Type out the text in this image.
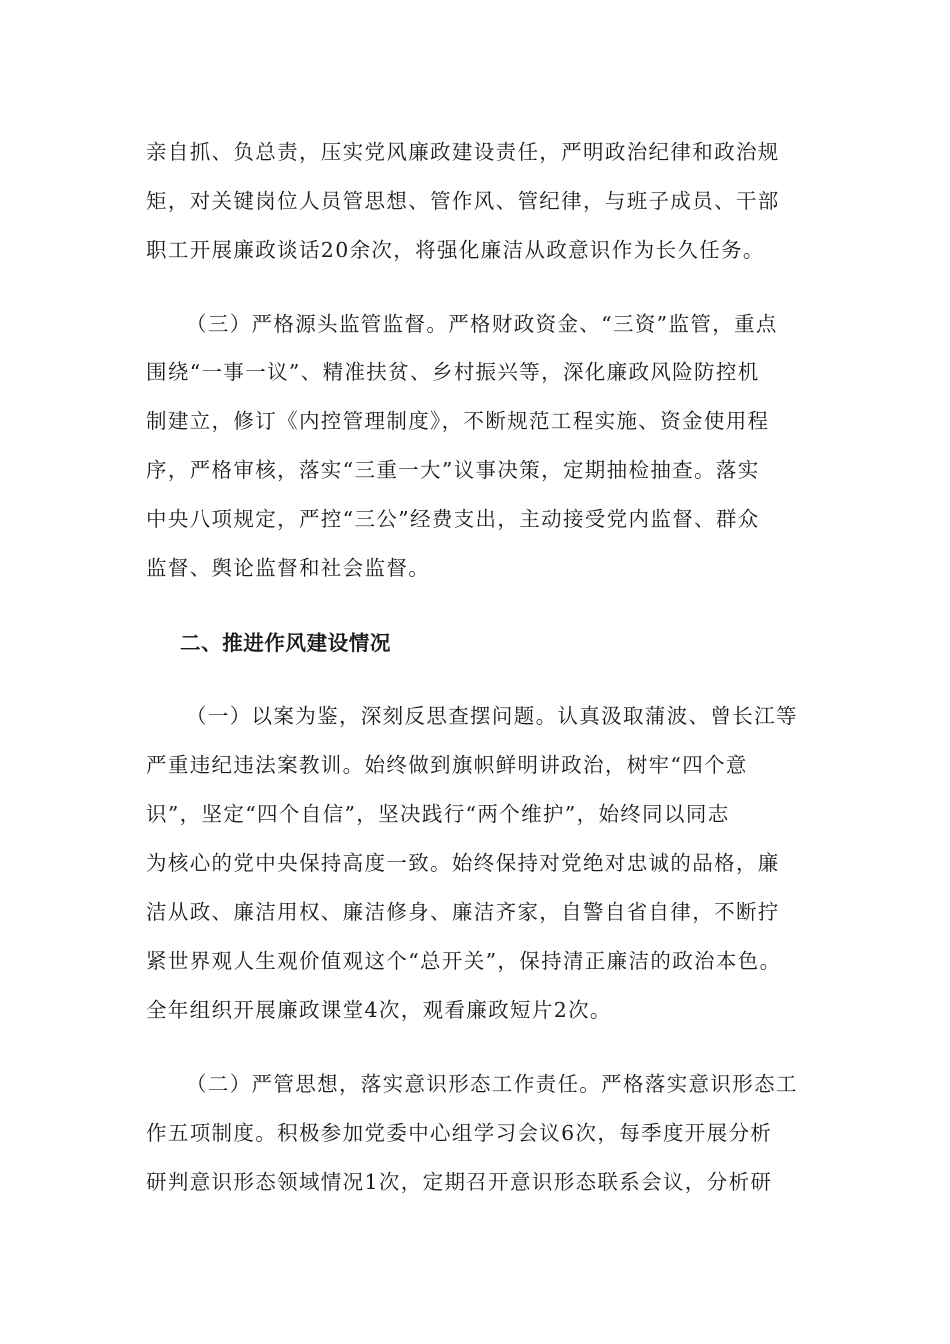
亲自抓、负总责，压实党风廉政建设责任，严明政治纪律和政治规
矩，对关键岗位人员管思想、管作风、管纪律，与班子成员、干部
职工开展廉政谈话20余次，将强化廉洁从政意识作为长久任务。
（三）严格源头监管监督。严格财政资金、“三资”监管，重点
围绕“一事一议”、精准扶贫、乡村振兴等，深化廉政风险防控机
制建立，修订《内控管理制度》，不断规范工程实施、资金使用程
序，严格审核，落实“三重一大”议事决策，定期抽检抽查。落实
中央八项规定，严控“三公”经费支出，主动接受党内监督、群众
监督、舆论监督和社会监督。
二、推进作风建设情况
（一）以案为鉴，深刻反思查摆问题。认真汲取蒲波、曾长江等
严重违纪违法案教训。始终做到旗帜鲜明讲政治，树牢“四个意
识”，坚定“四个自信”，坚决践行“两个维护”，始终同以同志
为核心的党中央保持高度一致。始终保持对党绝对忠诚的品格，廉
洁从政、廉洁用权、廉洁修身、廉洁齐家，自警自省自律，不断拧
紧世界观人生观价值观这个“总开关”，保持清正廉洁的政治本色。
全年组织开展廉政课堂4次，观看廉政短片2次。
（二）严管思想，落实意识形态工作责任。严格落实意识形态工
作五项制度。积极参加党委中心组学习会议6次，每季度开展分析
研判意识形态领域情况1次，定期召开意识形态联系会议，分析研
